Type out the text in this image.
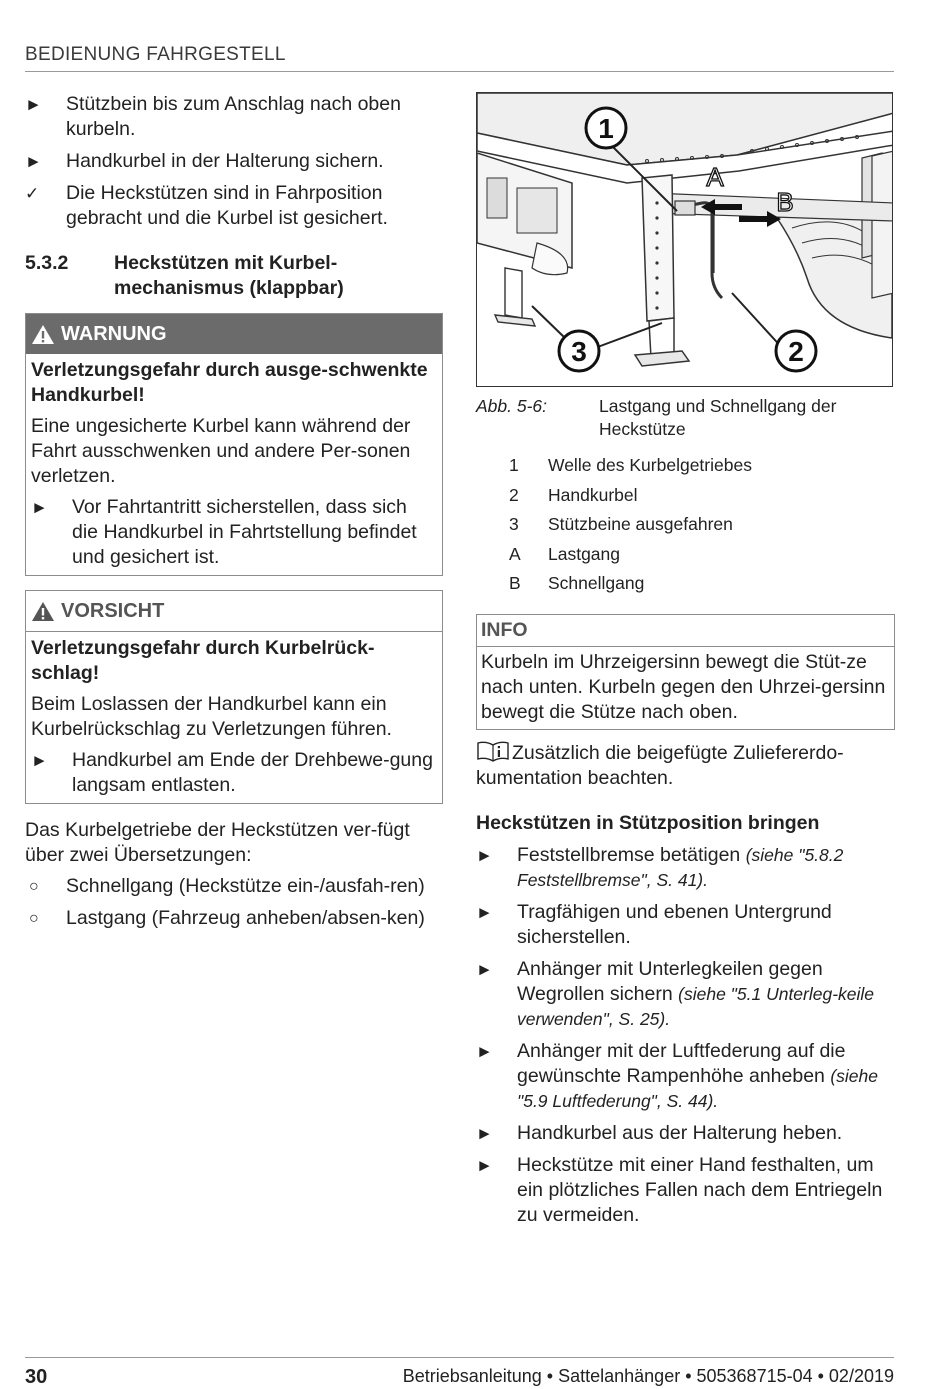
BEDIENUNG FAHRGESTELL
►	Stützbein bis zum Anschlag nach oben kurbeln.
►	Handkurbel in der Halterung sichern.
✓	Die Heckstützen sind in Fahrposition gebracht und die Kurbel ist gesichert.
5.3.2	Heckstützen mit Kurbel-mechanismus (klappbar)
WARNUNG
Verletzungsgefahr durch ausge-schwenkte Handkurbel!
Eine ungesicherte Kurbel kann während der Fahrt ausschwenken und andere Per-sonen verletzen.
►	Vor Fahrtantritt sicherstellen, dass sich die Handkurbel in Fahrtstellung befindet und gesichert ist.
VORSICHT
Verletzungsgefahr durch Kurbelrück-schlag!
Beim Loslassen der Handkurbel kann ein Kurbelrückschlag zu Verletzungen führen.
►	Handkurbel am Ende der Drehbewe-gung langsam entlasten.
Das Kurbelgetriebe der Heckstützen ver-fügt über zwei Übersetzungen:
○	Schnellgang (Heckstütze ein-/ausfah-ren)
○	Lastgang (Fahrzeug anheben/absen-ken)
1
2
3
A
B
Abb. 5-6:	Lastgang und Schnellgang der Heckstütze
1	Welle des Kurbelgetriebes
2	Handkurbel
3	Stützbeine ausgefahren
A	Lastgang
B	Schnellgang
INFO
Kurbeln im Uhrzeigersinn bewegt die Stüt-ze nach unten. Kurbeln gegen den Uhrzei-gersinn bewegt die Stütze nach oben.
Zusätzlich die beigefügte Zuliefererdo-kumentation beachten.
Heckstützen in Stützposition bringen
►	Feststellbremse betätigen (siehe "5.8.2 Feststellbremse", S. 41).
►	Tragfähigen und ebenen Untergrund sicherstellen.
►	Anhänger mit Unterlegkeilen gegen Wegrollen sichern (siehe "5.1 Unterleg-keile verwenden", S. 25).
►	Anhänger mit der Luftfederung auf die gewünschte Rampenhöhe anheben (siehe "5.9 Luftfederung", S. 44).
►	Handkurbel aus der Halterung heben.
►	Heckstütze mit einer Hand festhalten, um ein plötzliches Fallen nach dem Entriegeln zu vermeiden.
30	Betriebsanleitung • Sattelanhänger • 505368715-04 • 02/2019
